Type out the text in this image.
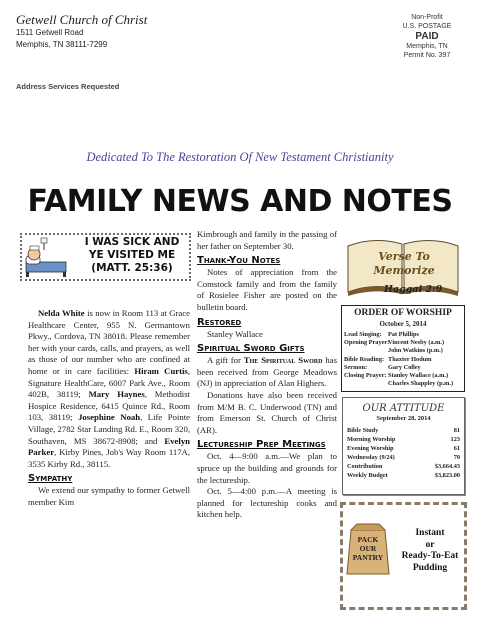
Getwell Church of Christ
1511 Getwell Road
Memphis, TN 38111-7299
Address Services Requested
Non-Profit
U.S. POSTAGE
PAID
Memphis, TN
Permit No. 397
Dedicated To The Restoration Of New Testament Christianity
FAMILY NEWS AND NOTES
I WAS SICK AND
YE VISITED ME
(MATT. 25:36)
Nelda White is now in Room 113 at Grace Healthcare Center, 955 N. Germantown Pkwy., Cordova, TN 38018. Please remember her with your cards, calls, and prayers, as well as those of our number who are confined at home or in care facilities: Hiram Curtis, Signature HealthCare, 6007 Park Ave., Room 402B, 38119; Mary Haynes, Methodist Hospice Residence, 6415 Quince Rd., Room 103, 38119; Josephine Noah, Life Pointe Village, 2782 Star Landing Rd. E., Room 320, Southaven, MS 38672-8908; and Evelyn Parker, Kirby Pines, Job's Way Room 117A, 3535 Kirby Rd., 38115.
Sympathy
We extend our sympathy to former Getwell member Kim
Kimbrough and family in the passing of her father on September 30.
Thank-You Notes
Notes of appreciation from the Comstock family and from the family of Rosielee Fisher are posted on the bulletin board.
Restored
Stanley Wallace
Spiritual Sword Gifts
A gift for The Spiritual Sword has been received from George Meadows (NJ) in appreciation of Alan Highers.
Donations have also been received from M/M B. C. Underwood (TN) and from Emerson St. Church of Christ (AR).
Lectureship Prep Meetings
Oct. 4—9:00 a.m.—We plan to spruce up the building and grounds for the lectureship.
Oct. 5—4:00 p.m.—A meeting is planned for lectureship cooks and kitchen help.
Verse To
Memorize
Haggai 2:9
ORDER OF WORSHIP
October 5, 2014
Lead Singing: Pat Phillips
Opening Prayer:
Vincent Nesby (a.m.)
John Watkins (p.m.)
Bible Reading: Thaxter Hodum
Sermon:	Gary Colley
Closing Prayer: Stanley Wallace (a.m.)
Charles Shappley (p.m.)
OUR ATTITUDE
September 28, 2014
Bible Study	81
Morning Worship	123
Evening Worship	61
Wednesday (9/24)	70
Contribution	$3,664.43
Weekly Budget	$3,823.00
PACK
OUR
PANTRY
Instant
or
Ready-To-Eat
Pudding
